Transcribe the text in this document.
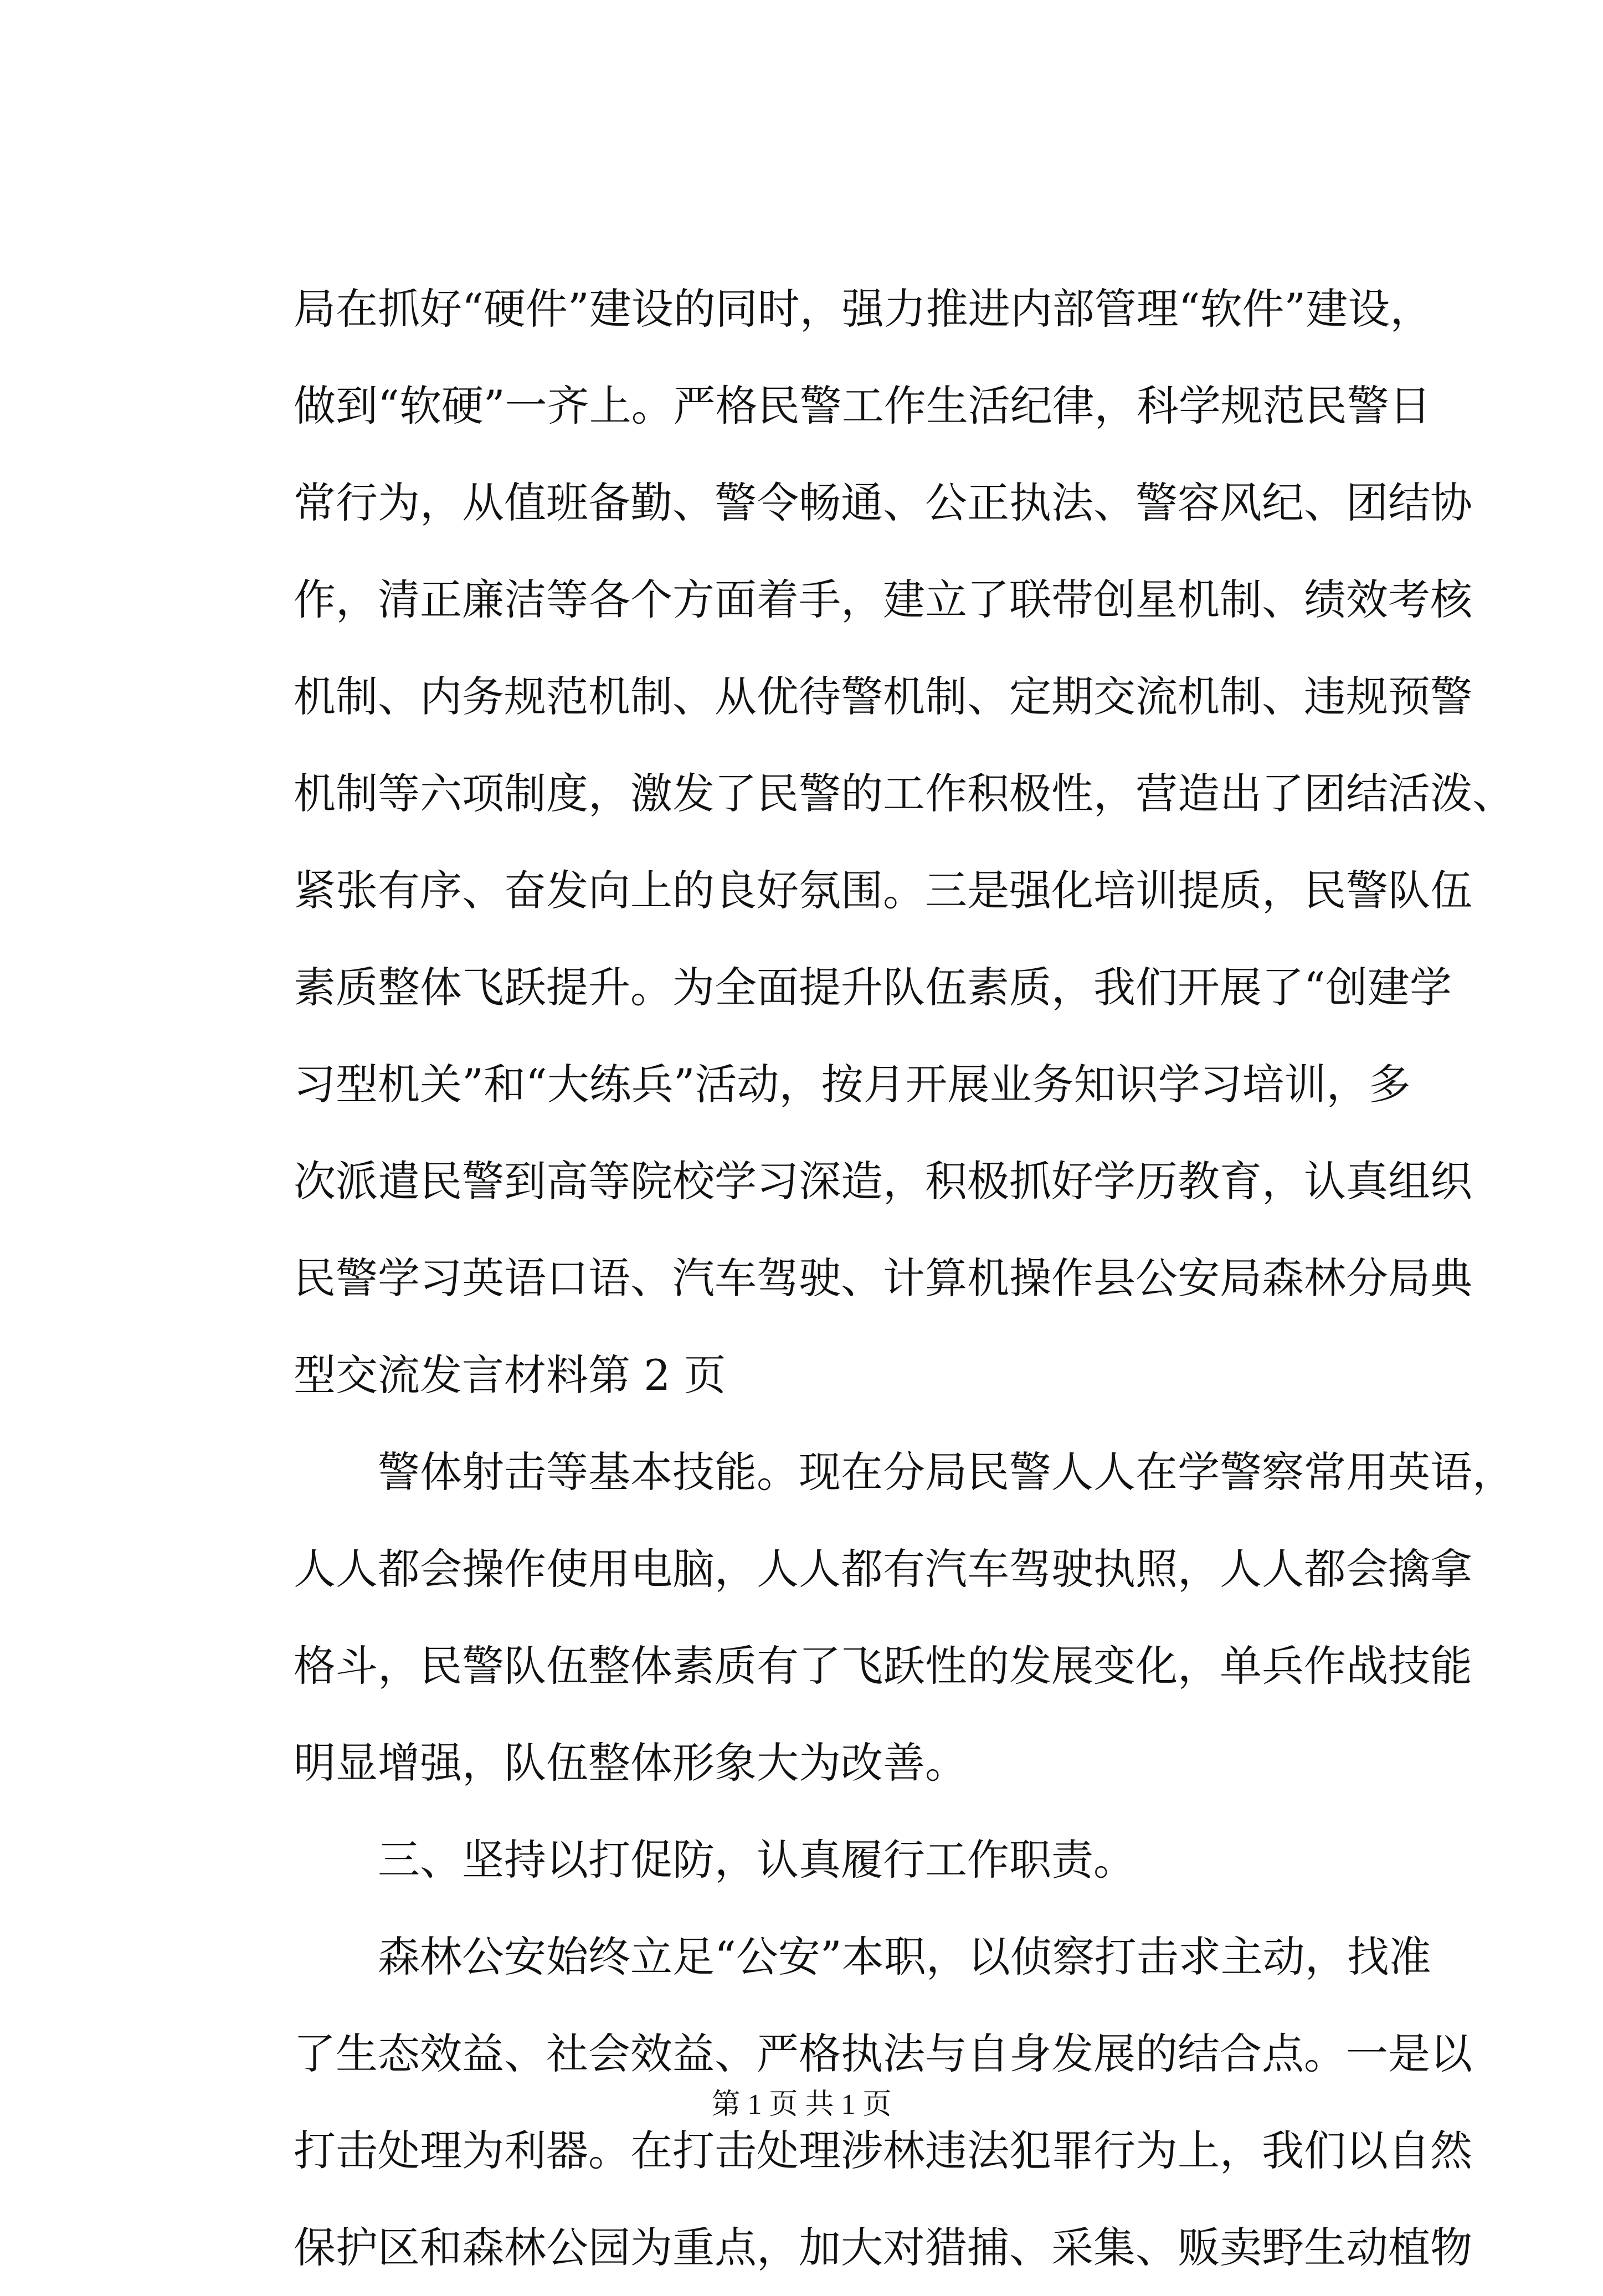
局在抓好“硬件”建设的同时，强力推进内部管理“软件”建设，
做到“软硬”一齐上。严格民警工作生活纪律，科学规范民警日
常行为，从值班备勤、警令畅通、公正执法、警容风纪、团结协
作，清正廉洁等各个方面着手，建立了联带创星机制、绩效考核
机制、内务规范机制、从优待警机制、定期交流机制、违规预警
机制等六项制度，激发了民警的工作积极性，营造出了团结活泼、
紧张有序、奋发向上的良好氛围。三是强化培训提质，民警队伍
素质整体飞跃提升。为全面提升队伍素质，我们开展了“创建学
习型机关”和“大练兵”活动，按月开展业务知识学习培训，多
次派遣民警到高等院校学习深造，积极抓好学历教育，认真组织
民警学习英语口语、汽车驾驶、计算机操作县公安局森林分局典
型交流发言材料第 2 页
警体射击等基本技能。现在分局民警人人在学警察常用英语，
人人都会操作使用电脑，人人都有汽车驾驶执照，人人都会擒拿
格斗，民警队伍整体素质有了飞跃性的发展变化，单兵作战技能
明显增强，队伍整体形象大为改善。
三、坚持以打促防，认真履行工作职责。
森林公安始终立足“公安”本职，以侦察打击求主动，找准
了生态效益、社会效益、严格执法与自身发展的结合点。一是以
打击处理为利器。在打击处理涉林违法犯罪行为上，我们以自然
保护区和森林公园为重点，加大对猎捕、采集、贩卖野生动植物
第 1 页 共 1 页
